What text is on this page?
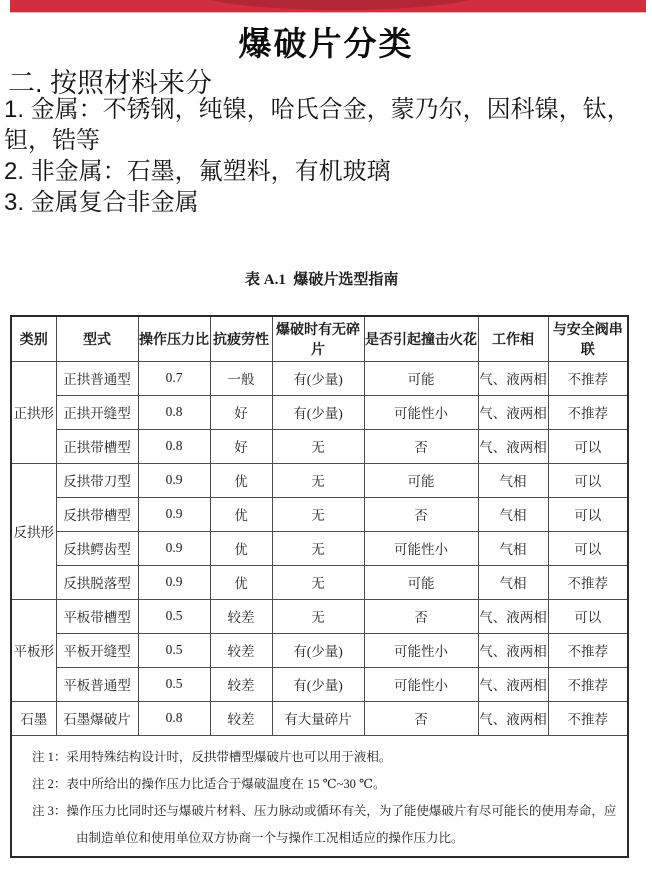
爆破片分类
二. 按照材料来分
1. 金属：不锈钢，纯镍，哈氏合金，蒙乃尔，因科镍，钛，钽，锆等
2. 非金属：石墨，氟塑料，有机玻璃
3. 金属复合非金属
表 A.1  爆破片选型指南
类别	型式	操作压力比	抗疲劳性	爆破时有无碎片	是否引起撞击火花	工作相	与安全阀串联
正拱形	正拱普通型	0.7	一般	有(少量)	可能	气、液两相	不推荐
	正拱开缝型	0.8	好	有(少量)	可能性小	气、液两相	不推荐
	正拱带槽型	0.8	好	无	否	气、液两相	可以
反拱形	反拱带刀型	0.9	优	无	可能	气相	可以
	反拱带槽型	0.9	优	无	否	气相	可以
	反拱鳄齿型	0.9	优	无	可能性小	气相	可以
	反拱脱落型	0.9	优	无	可能	气相	不推荐
平板形	平板带槽型	0.5	较差	无	否	气、液两相	可以
	平板开缝型	0.5	较差	有(少量)	可能性小	气、液两相	不推荐
	平板普通型	0.5	较差	有(少量)	可能性小	气、液两相	不推荐
石墨	石墨爆破片	0.8	较差	有大量碎片	否	气、液两相	不推荐

注 1：采用特殊结构设计时，反拱带槽型爆破片也可以用于液相。
注 2：表中所给出的操作压力比适合于爆破温度在 15 ℃~30 ℃。
注 3：操作压力比同时还与爆破片材料、压力脉动或循环有关，为了能使爆破片有尽可能长的使用寿命，应由制造单位和使用单位双方协商一个与操作工况相适应的操作压力比。							
